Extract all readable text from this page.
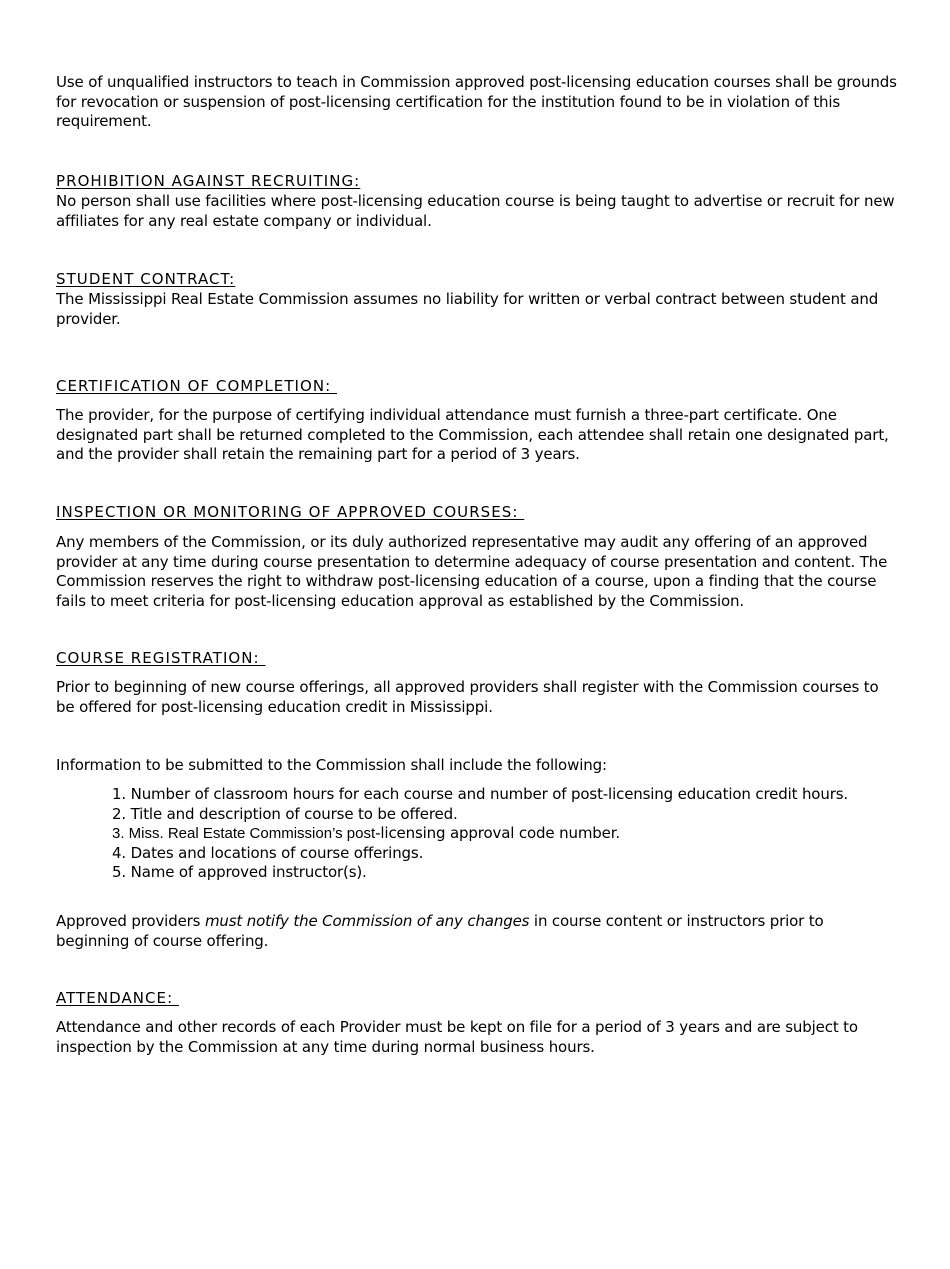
Use of unqualified instructors to teach in Commission approved post-licensing education courses shall be grounds for revocation or suspension of post-licensing certification for the institution found to be in violation of this requirement.
PROHIBITION AGAINST RECRUITING:
No person shall use facilities where post-licensing education course is being taught to advertise or recruit for new affiliates for any real estate company or individual.
STUDENT CONTRACT:
The Mississippi Real Estate Commission assumes no liability for written or verbal contract between student and provider.
CERTIFICATION OF COMPLETION:
The provider, for the purpose of certifying individual attendance must furnish a three-part certificate. One designated part shall be returned completed to the Commission, each attendee shall retain one designated part, and the provider shall retain the remaining part for a period of 3 years.
INSPECTION OR MONITORING OF APPROVED COURSES:
Any members of the Commission, or its duly authorized representative may audit any offering of an approved provider at any time during course presentation to determine adequacy of course presentation and content. The Commission reserves the right to withdraw post-licensing education of a course, upon a finding that the course fails to meet criteria for post-licensing education approval as established by the Commission.
COURSE REGISTRATION:
Prior to beginning of new course offerings, all approved providers shall register with the Commission courses to be offered for post-licensing education credit in Mississippi.
Information to be submitted to the Commission shall include the following:
1. Number of classroom hours for each course and number of post-licensing education credit hours.
2. Title and description of course to be offered.
3. Miss. Real Estate Commission’s post-licensing approval code number.
4. Dates and locations of course offerings.
5. Name of approved instructor(s).
Approved providers must notify the Commission of any changes in course content or instructors prior to beginning of course offering.
ATTENDANCE:
Attendance and other records of each Provider must be kept on file for a period of 3 years and are subject to inspection by the Commission at any time during normal business hours.
